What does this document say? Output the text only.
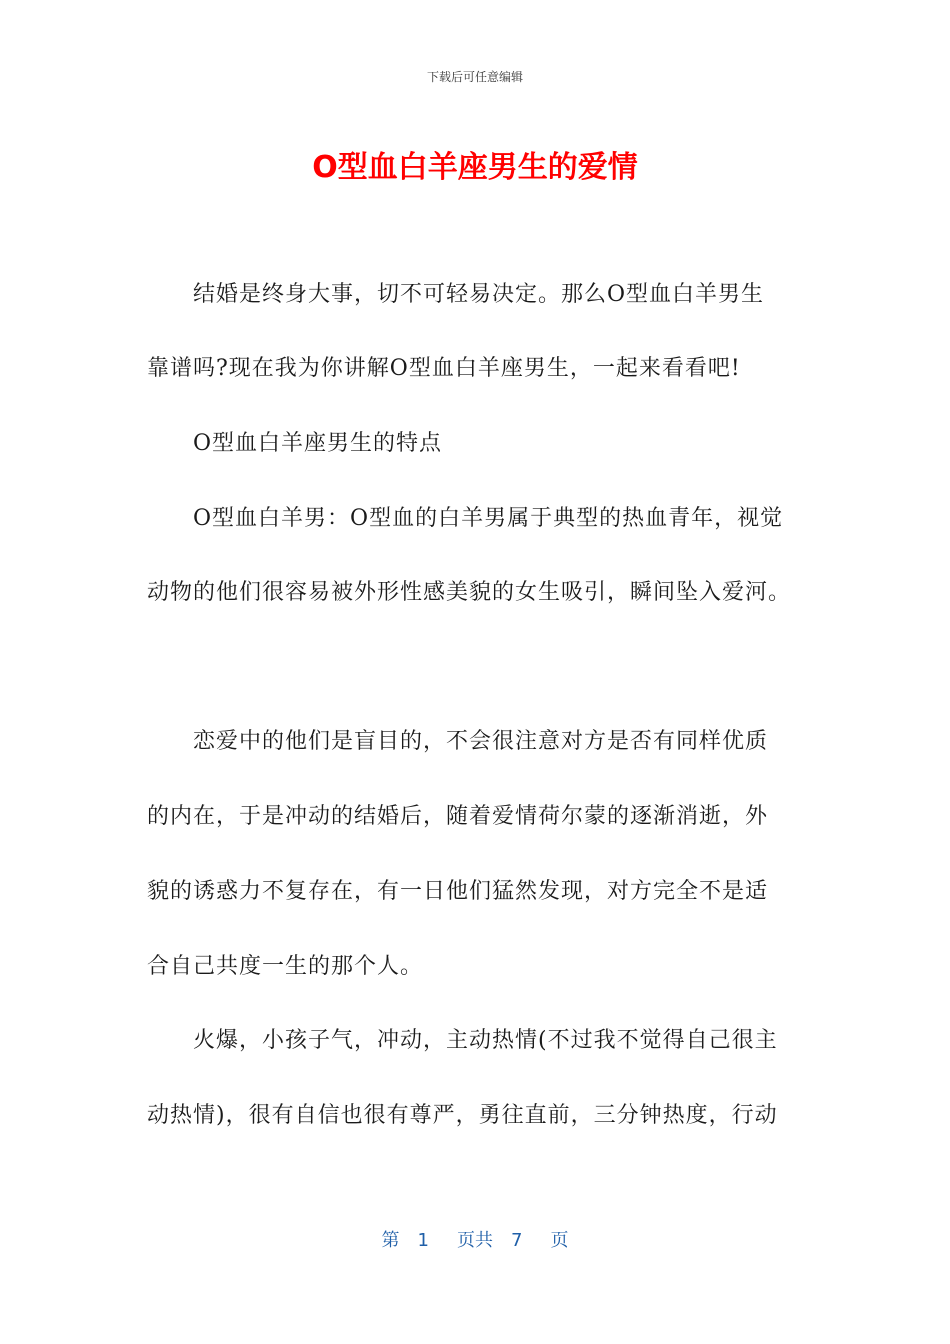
下载后可任意编辑
O型血白羊座男生的爱情
结婚是终身大事，切不可轻易决定。那么O型血白羊男生
靠谱吗?现在我为你讲解O型血白羊座男生，一起来看看吧!
O型血白羊座男生的特点
O型血白羊男：O型血的白羊男属于典型的热血青年，视觉
动物的他们很容易被外形性感美貌的女生吸引，瞬间坠入爱河。
恋爱中的他们是盲目的，不会很注意对方是否有同样优质
的内在，于是冲动的结婚后，随着爱情荷尔蒙的逐渐消逝，外
貌的诱惑力不复存在，有一日他们猛然发现，对方完全不是适
合自己共度一生的那个人。
火爆，小孩子气，冲动，主动热情(不过我不觉得自己很主
动热情)，很有自信也很有尊严，勇往直前，三分钟热度，行动
第 1 页共 7 页
